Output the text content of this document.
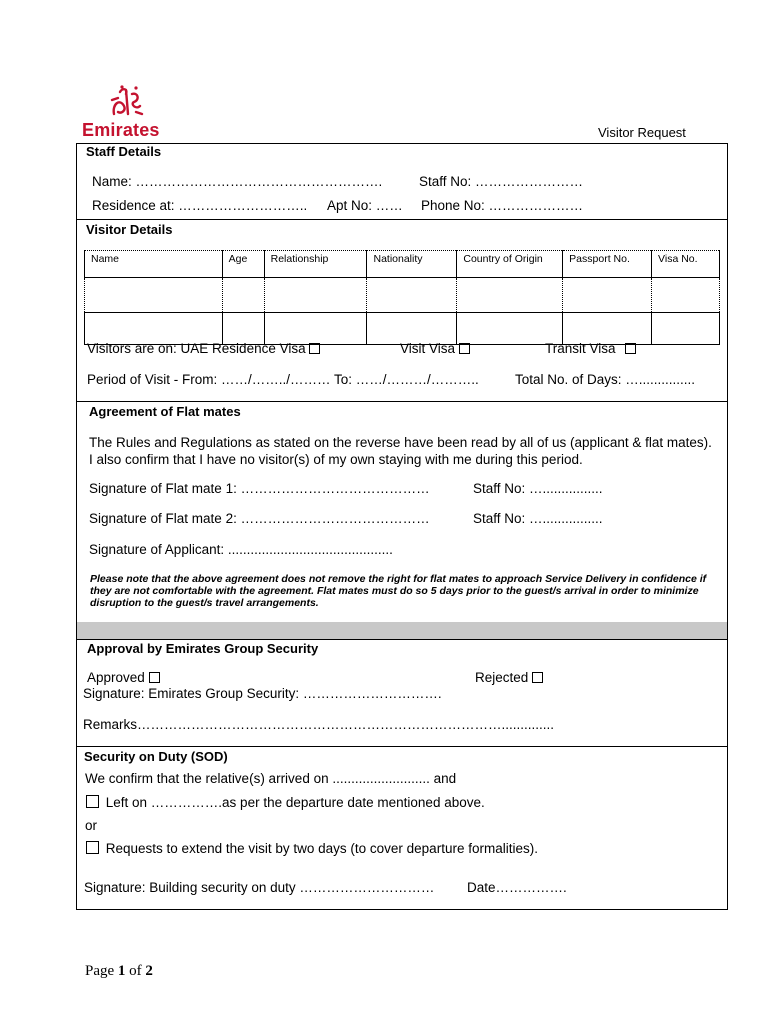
Emirates	Visitor Request
Staff Details
Name: ……………………………………………….	Staff No: ……………………
Residence at: ……………………….. Apt No: …… Phone No: …………………
Visitor Details
Name	Age	Relationship	Nationality	Country of Origin	Passport No.	Visa No.

Visitors are on: UAE Residence Visa	Visit Visa	Transit Visa
Period of Visit - From: ……/……../……… To: ……/………/………..	Total No. of Days: …...............
Agreement of Flat mates
The Rules and Regulations as stated on the reverse have been read by all of us (applicant & flat mates). I also confirm that I have no visitor(s) of my own staying with me during this period.
Signature of Flat mate 1: ……………………………………	Staff No: …................
Signature of Flat mate 2: ……………………………………	Staff No: …................
Signature of Applicant: ............................................
Please note that the above agreement does not remove the right for flat mates to approach Service Delivery in confidence if they are not comfortable with the agreement. Flat mates must do so 5 days prior to the guest/s arrival in order to minimize disruption to the guest/s travel arrangements.
Approval by Emirates Group Security
Approved	Rejected
Signature: Emirates Group Security: ………………………….
Remarks………………………………………………………………………..............
Security on Duty (SOD)
We confirm that the relative(s) arrived on .......................... and
Left on …………….as per the departure date mentioned above.
or
Requests to extend the visit by two days (to cover departure formalities).
Signature: Building security on duty ………………………… Date…………….
Page 1 of 2
